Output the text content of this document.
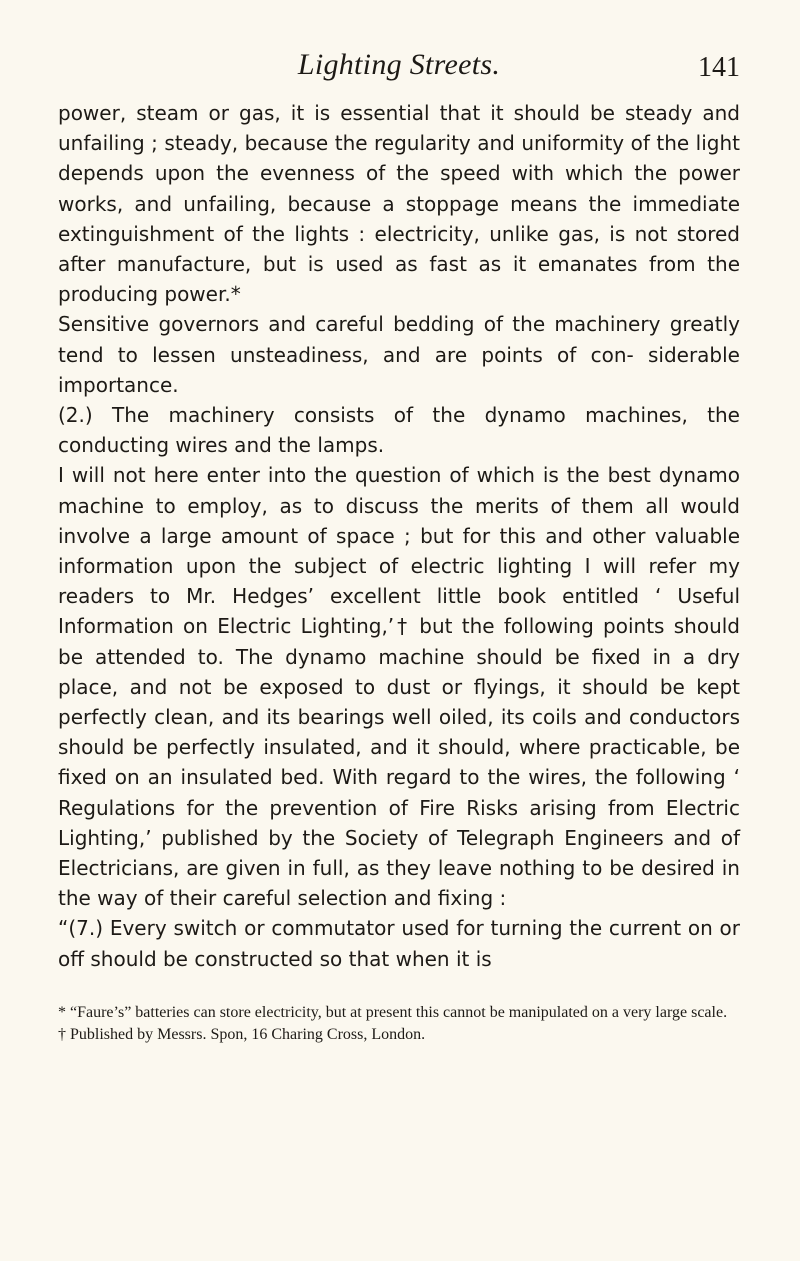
Lighting Streets.	141

power, steam or gas, it is essential that it should be steady and unfailing ; steady, because the regularity and uniformity of the light depends upon the evenness of the speed with which the power works, and unfailing, because a stoppage means the immediate extinguishment of the lights : electricity, unlike gas, is not stored after manufacture, but is used as fast as it emanates from the producing power.*

Sensitive governors and careful bedding of the machinery greatly tend to lessen unsteadiness, and are points of con- siderable importance.

(2.) The machinery consists of the dynamo machines, the conducting wires and the lamps.

I will not here enter into the question of which is the best dynamo machine to employ, as to discuss the merits of them all would involve a large amount of space ; but for this and other valuable information upon the subject of electric lighting I will refer my readers to Mr. Hedges’ excellent little book entitled ‘ Useful Information on Electric Lighting,’† but the following points should be attended to. The dynamo machine should be fixed in a dry place, and not be exposed to dust or flyings, it should be kept perfectly clean, and its bearings well oiled, its coils and conductors should be perfectly insulated, and it should, where practicable, be fixed on an insulated bed. With regard to the wires, the following ‘ Regulations for the prevention of Fire Risks arising from Electric Lighting,’ published by the Society of Telegraph Engineers and of Electricians, are given in full, as they leave nothing to be desired in the way of their careful selection and fixing :

“(7.) Every switch or commutator used for turning the current on or off should be constructed so that when it is

* “Faure’s” batteries can store electricity, but at present this cannot be manipulated on a very large scale.

† Published by Messrs. Spon, 16 Charing Cross, London.
